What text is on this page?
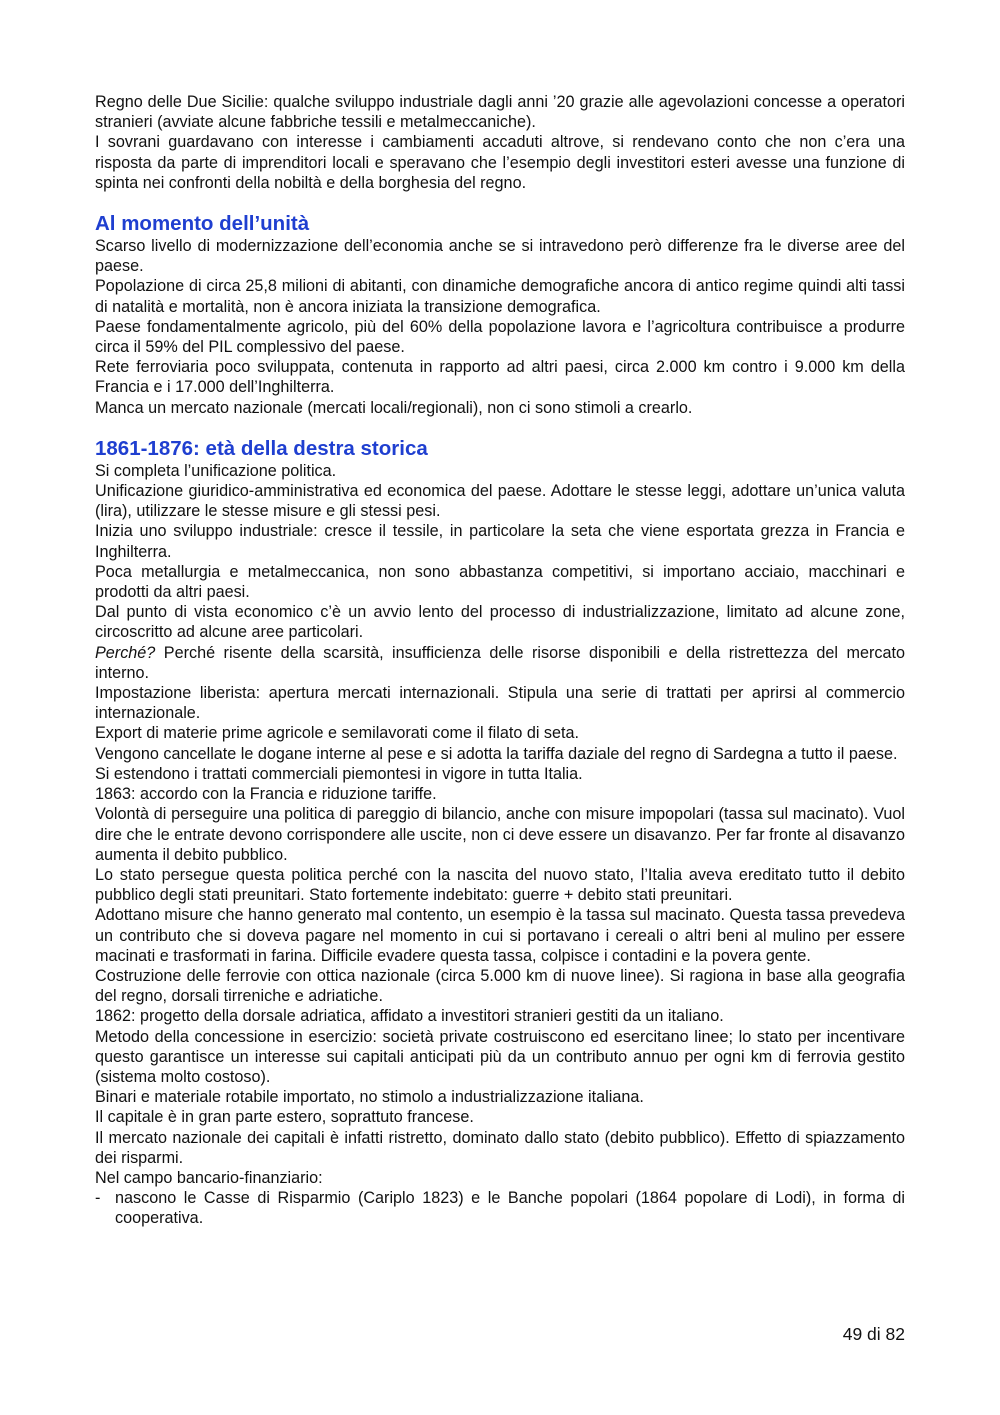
Regno delle Due Sicilie: qualche sviluppo industriale dagli anni ’20 grazie alle agevolazioni concesse a operatori stranieri (avviate alcune fabbriche tessili e metalmeccaniche).

I sovrani guardavano con interesse i cambiamenti accaduti altrove, si rendevano conto che non c’era una risposta da parte di imprenditori locali e speravano che l’esempio degli investitori esteri avesse una funzione di spinta nei confronti della nobiltà e della borghesia del regno.

Al momento dell’unità

Scarso livello di modernizzazione dell’economia anche se si intravedono però differenze fra le diverse aree del paese.

Popolazione di circa 25,8 milioni di abitanti, con dinamiche demografiche ancora di antico regime quindi alti tassi di natalità e mortalità, non è ancora iniziata la transizione demografica.

Paese fondamentalmente agricolo, più del 60% della popolazione lavora e l’agricoltura contribuisce a produrre circa il 59% del PIL complessivo del paese.

Rete ferroviaria poco sviluppata, contenuta in rapporto ad altri paesi, circa 2.000 km contro i 9.000 km della Francia e i 17.000 dell’Inghilterra.

Manca un mercato nazionale (mercati locali/regionali), non ci sono stimoli a crearlo.

1861-1876: età della destra storica

Si completa l’unificazione politica.

Unificazione giuridico-amministrativa ed economica del paese. Adottare le stesse leggi, adottare un’unica valuta (lira), utilizzare le stesse misure e gli stessi pesi.

Inizia uno sviluppo industriale: cresce il tessile, in particolare la seta che viene esportata grezza in Francia e Inghilterra.

Poca metallurgia e metalmeccanica, non sono abbastanza competitivi, si importano acciaio, macchinari e prodotti da altri paesi.

Dal punto di vista economico c’è un avvio lento del processo di industrializzazione, limitato ad alcune zone, circoscritto ad alcune aree particolari.

Perché? Perché risente della scarsità, insufficienza delle risorse disponibili e della ristrettezza del mercato interno.

Impostazione liberista: apertura mercati internazionali. Stipula una serie di trattati per aprirsi al commercio internazionale.

Export di materie prime agricole e semilavorati come il filato di seta.

Vengono cancellate le dogane interne al pese e si adotta la tariffa daziale del regno di Sardegna a tutto il paese.

Si estendono i trattati commerciali piemontesi in vigore in tutta Italia.

1863: accordo con la Francia e riduzione tariffe.

Volontà di perseguire una politica di pareggio di bilancio, anche con misure impopolari (tassa sul macinato). Vuol dire che le entrate devono corrispondere alle uscite, non ci deve essere un disavanzo. Per far fronte al disavanzo aumenta il debito pubblico.

Lo stato persegue questa politica perché con la nascita del nuovo stato, l’Italia aveva ereditato tutto il debito pubblico degli stati preunitari. Stato fortemente indebitato: guerre + debito stati preunitari.

Adottano misure che hanno generato mal contento, un esempio è la tassa sul macinato. Questa tassa prevedeva un contributo che si doveva pagare nel momento in cui si portavano i cereali o altri beni al mulino per essere macinati e trasformati in farina. Difficile evadere questa tassa, colpisce i contadini e la povera gente.

Costruzione delle ferrovie con ottica nazionale (circa 5.000 km di nuove linee). Si ragiona in base alla geografia del regno, dorsali tirreniche e adriatiche.

1862: progetto della dorsale adriatica, affidato a investitori stranieri gestiti da un italiano.

Metodo della concessione in esercizio: società private costruiscono ed esercitano linee; lo stato per incentivare questo garantisce un interesse sui capitali anticipati più da un contributo annuo per ogni km di ferrovia gestito (sistema molto costoso).

Binari e materiale rotabile importato, no stimolo a industrializzazione italiana.

Il capitale è in gran parte estero, soprattuto francese.

Il mercato nazionale dei capitali è infatti ristretto, dominato dallo stato (debito pubblico). Effetto di spiazzamento dei risparmi.

Nel campo bancario-finanziario:

- nascono le Casse di Risparmio (Cariplo 1823) e le Banche popolari (1864 popolare di Lodi), in forma di cooperativa.

49 di 82
